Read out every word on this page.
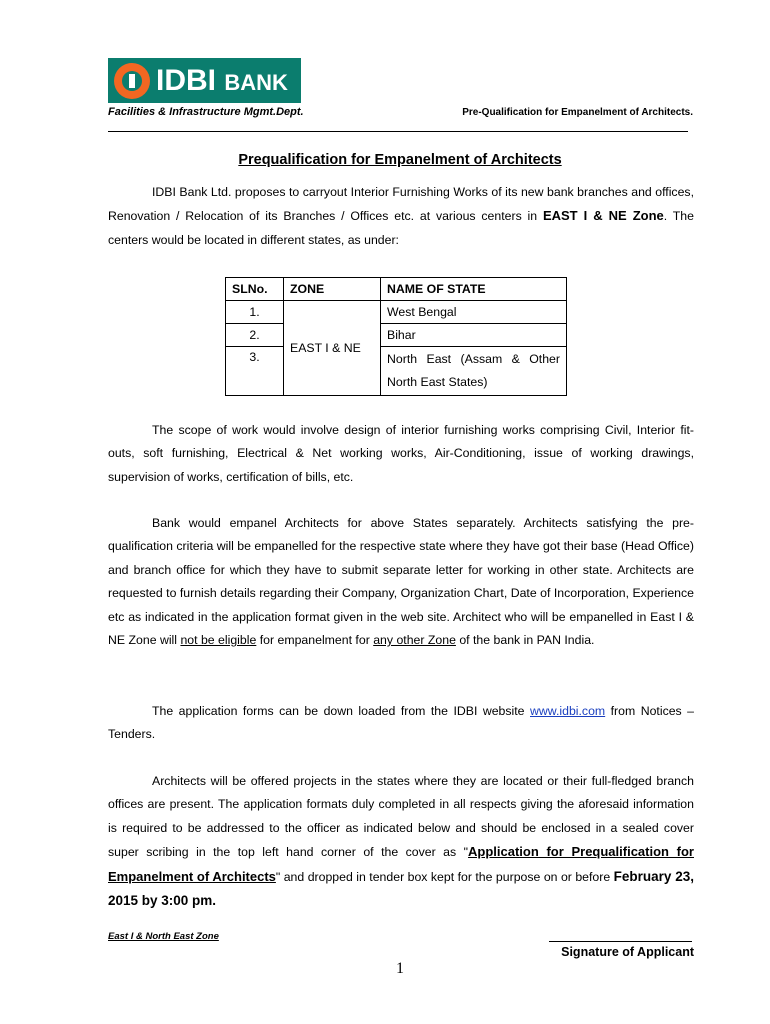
IDBI BANK
Facilities & Infrastructure Mgmt.Dept.	Pre-Qualification for Empanelment of Architects.
Prequalification for Empanelment of Architects

IDBI Bank Ltd. proposes to carryout Interior Furnishing Works of its new bank branches and offices, Renovation / Relocation of its Branches / Offices etc. at various centers in EAST I & NE Zone. The centers would be located in different states, as under:

SLNo.	ZONE	NAME OF STATE
1.	EAST I & NE	West Bengal
2.		Bihar
3.		North East (Assam & Other North East States)

The scope of work would involve design of interior furnishing works comprising Civil, Interior fit-outs, soft furnishing, Electrical & Net working works, Air-Conditioning, issue of working drawings, supervision of works, certification of bills, etc.

Bank would empanel Architects for above States separately. Architects satisfying the pre-qualification criteria will be empanelled for the respective state where they have got their base (Head Office) and branch office for which they have to submit separate letter for working in other state. Architects are requested to furnish details regarding their Company, Organization Chart, Date of Incorporation, Experience etc as indicated in the application format given in the web site. Architect who will be empanelled in East I & NE Zone will not be eligible for empanelment for any other Zone of the bank in PAN India.

The application forms can be down loaded from the IDBI website www.idbi.com from Notices – Tenders.

Architects will be offered projects in the states where they are located or their full-fledged branch offices are present. The application formats duly completed in all respects giving the aforesaid information is required to be addressed to the officer as indicated below and should be enclosed in a sealed cover super scribing in the top left hand corner of the cover as "Application for Prequalification for Empanelment of Architects" and dropped in tender box kept for the purpose on or before February 23, 2015 by 3:00 pm.

East I & North East Zone
Signature of Applicant
1
